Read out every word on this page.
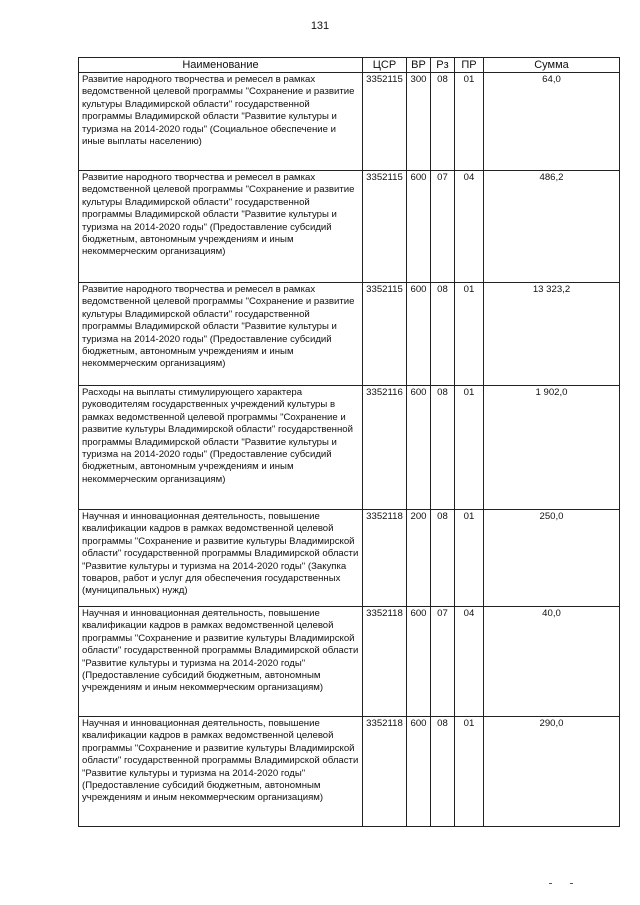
131
Наименование	ЦСР	ВР	Рз	ПР	Сумма
Развитие народного творчества и ремесел в рамках ведомственной целевой программы "Сохранение и развитие культуры Владимирской области" государственной программы Владимирской области "Развитие культуры и туризма на 2014-2020 годы" (Социальное обеспечение и иные выплаты населению)	3352115	300	08	01	64,0
Развитие народного творчества и ремесел в рамках ведомственной целевой программы "Сохранение и развитие культуры Владимирской области" государственной программы Владимирской области "Развитие культуры и туризма на 2014-2020 годы" (Предоставление субсидий бюджетным, автономным учреждениям и иным некоммерческим организациям)	3352115	600	07	04	486,2
Развитие народного творчества и ремесел в рамках ведомственной целевой программы "Сохранение и развитие культуры Владимирской области" государственной программы Владимирской области "Развитие культуры и туризма на 2014-2020 годы" (Предоставление субсидий бюджетным, автономным учреждениям и иным некоммерческим организациям)	3352115	600	08	01	13 323,2
Расходы на выплаты стимулирующего характера руководителям государственных учреждений культуры в рамках ведомственной целевой программы "Сохранение и развитие культуры Владимирской области" государственной программы Владимирской области "Развитие культуры и туризма на 2014-2020 годы" (Предоставление субсидий бюджетным, автономным учреждениям и иным некоммерческим организациям)	3352116	600	08	01	1 902,0
Научная и инновационная деятельность, повышение квалификации кадров в рамках ведомственной целевой программы "Сохранение и развитие культуры Владимирской области" государственной программы Владимирской области "Развитие культуры и туризма на 2014-2020 годы" (Закупка товаров, работ и услуг для обеспечения государственных (муниципальных) нужд)	3352118	200	08	01	250,0
Научная и инновационная деятельность, повышение квалификации кадров в рамках ведомственной целевой программы "Сохранение и развитие культуры Владимирской области" государственной программы Владимирской области "Развитие культуры и туризма на 2014-2020 годы" (Предоставление субсидий бюджетным, автономным учреждениям и иным некоммерческим организациям)	3352118	600	07	04	40,0
Научная и инновационная деятельность, повышение квалификации кадров в рамках ведомственной целевой программы "Сохранение и развитие культуры Владимирской области" государственной программы Владимирской области "Развитие культуры и туризма на 2014-2020 годы" (Предоставление субсидий бюджетным, автономным учреждениям и иным некоммерческим организациям)	3352118	600	08	01	290,0
